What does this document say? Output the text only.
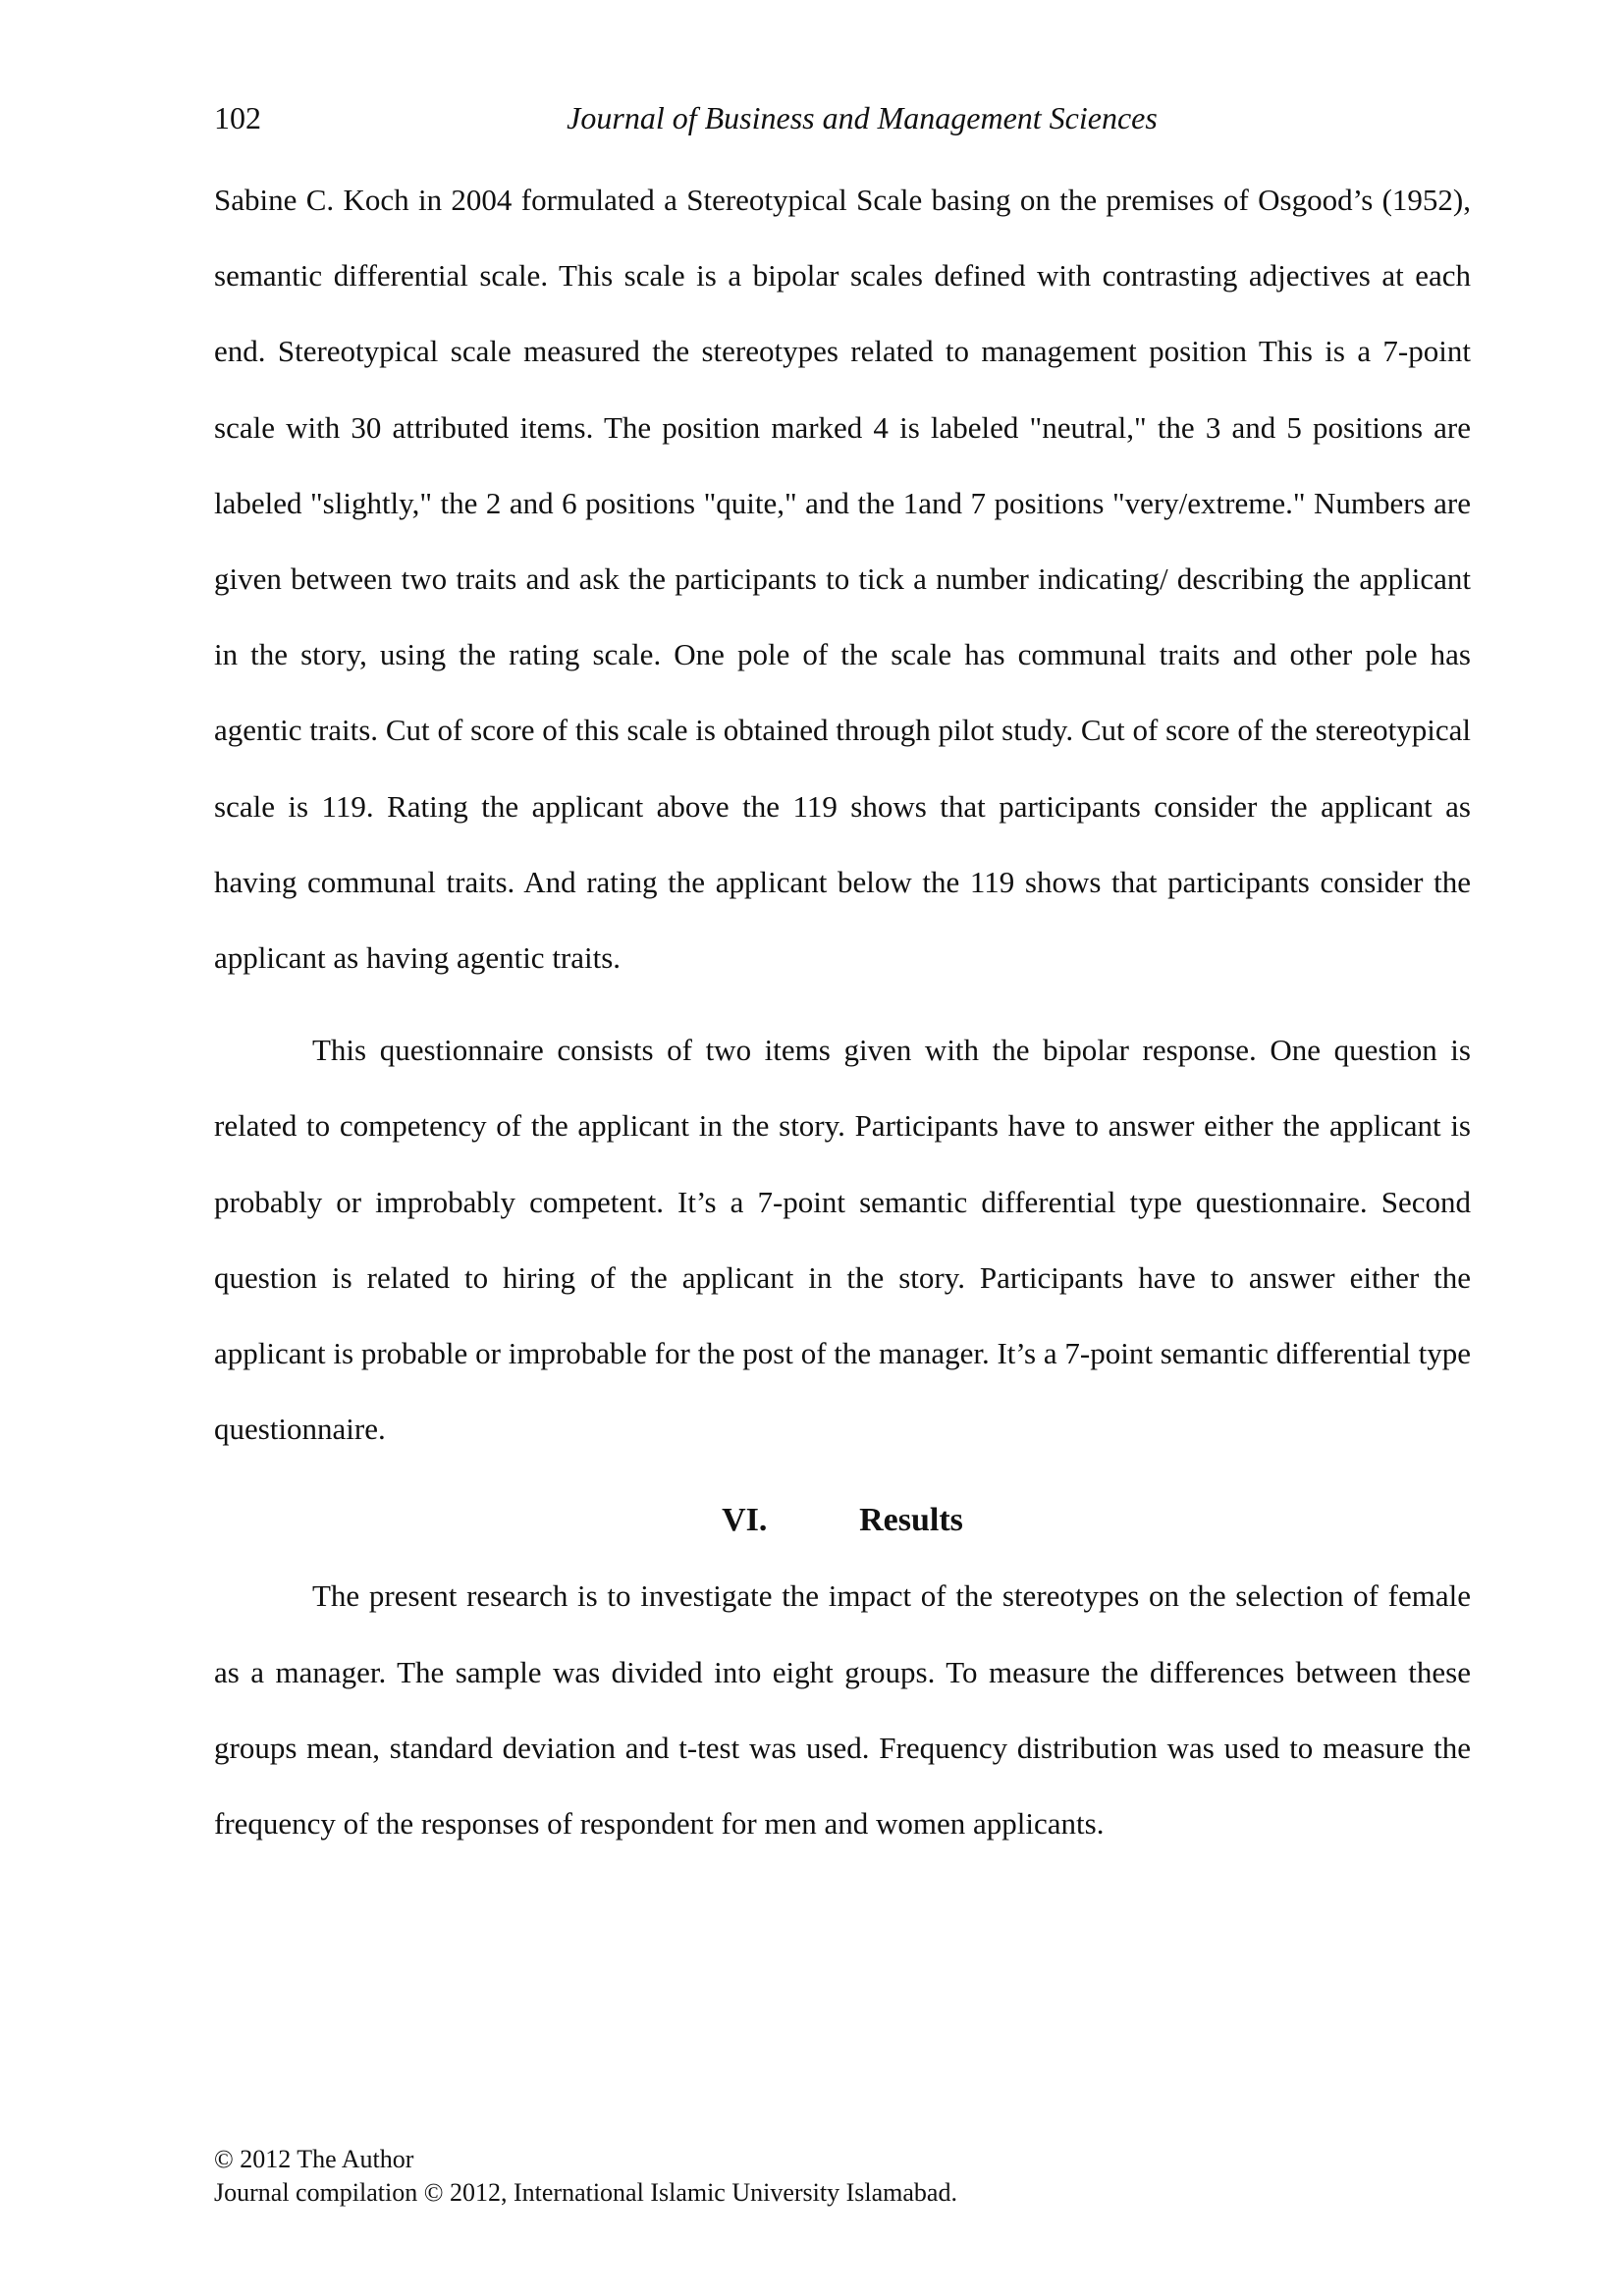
102	Journal of Business and Management Sciences

Sabine C. Koch in 2004 formulated a Stereotypical Scale basing on the premises of Osgood’s (1952), semantic differential scale. This scale is a bipolar scales defined with contrasting adjectives at each end. Stereotypical scale measured the stereotypes related to management position This is a 7-point scale with 30 attributed items. The position marked 4 is labeled "neutral," the 3 and 5 positions are labeled "slightly," the 2 and 6 positions "quite," and the 1and 7 positions "very/extreme." Numbers are given between two traits and ask the participants to tick a number indicating/ describing the applicant in the story, using the rating scale. One pole of the scale has communal traits and other pole has agentic traits. Cut of score of this scale is obtained through pilot study. Cut of score of the stereotypical scale is 119. Rating the applicant above the 119 shows that participants consider the applicant as having communal traits. And rating the applicant below the 119 shows that participants consider the applicant as having agentic traits.

This questionnaire consists of two items given with the bipolar response. One question is related to competency of the applicant in the story. Participants have to answer either the applicant is probably or improbably competent. It’s a 7-point semantic differential type questionnaire. Second question is related to hiring of the applicant in the story. Participants have to answer either the applicant is probable or improbable for the post of the manager. It’s a 7-point semantic differential type questionnaire.

VI.	Results

The present research is to investigate the impact of the stereotypes on the selection of female as a manager. The sample was divided into eight groups. To measure the differences between these groups mean, standard deviation and t-test was used. Frequency distribution was used to measure the frequency of the responses of respondent for men and women applicants.

© 2012 The Author
Journal compilation © 2012, International Islamic University Islamabad.
